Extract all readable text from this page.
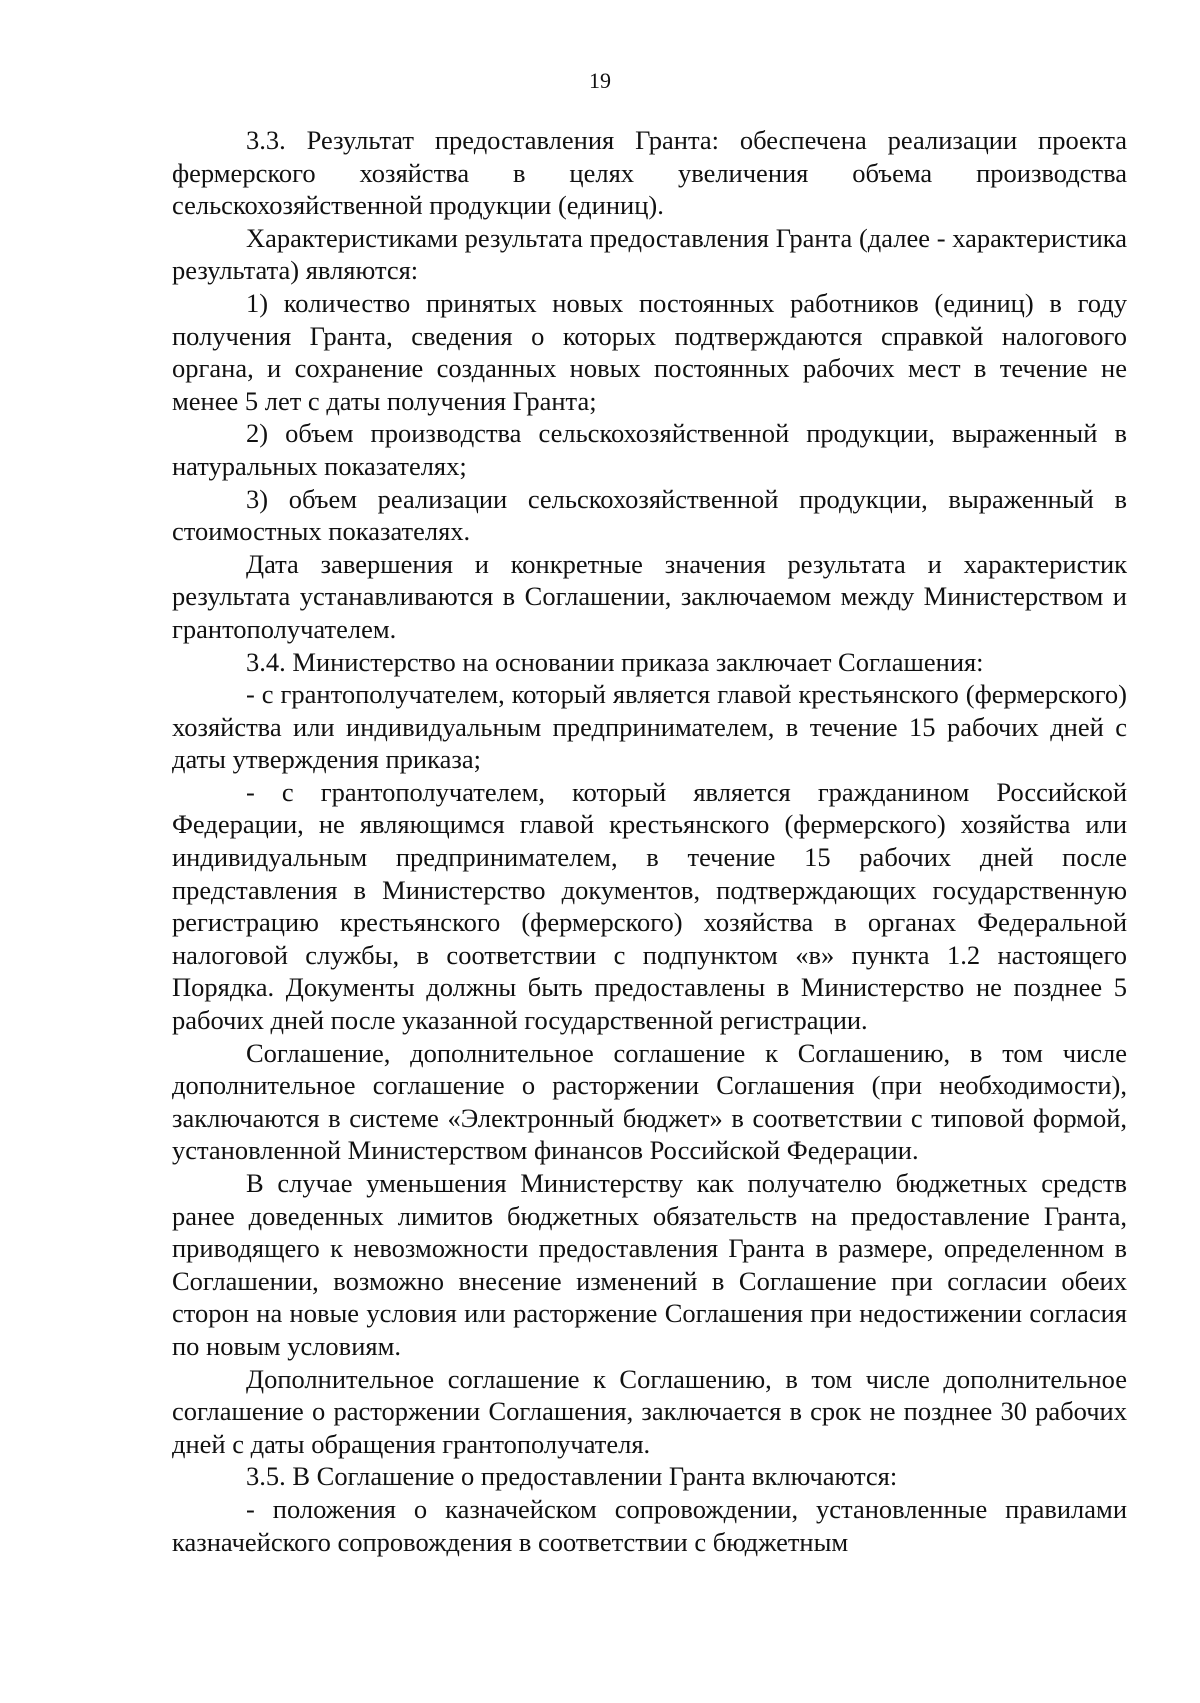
19

3.3. Результат предоставления Гранта: обеспечена реализации проекта фермерского хозяйства в целях увеличения объема производства сельскохозяйственной продукции (единиц).

Характеристиками результата предоставления Гранта (далее - характеристика результата) являются:

1) количество принятых новых постоянных работников (единиц) в году получения Гранта, сведения о которых подтверждаются справкой налогового органа, и сохранение созданных новых постоянных рабочих мест в течение не менее 5 лет с даты получения Гранта;

2) объем производства сельскохозяйственной продукции, выраженный в натуральных показателях;

3) объем реализации сельскохозяйственной продукции, выраженный в стоимостных показателях.

Дата завершения и конкретные значения результата и характеристик результата устанавливаются в Соглашении, заключаемом между Министерством и грантополучателем.

3.4. Министерство на основании приказа заключает Соглашения:

- с грантополучателем, который является главой крестьянского (фермерского) хозяйства или индивидуальным предпринимателем, в течение 15 рабочих дней с даты утверждения приказа;

- с грантополучателем, который является гражданином Российской Федерации, не являющимся главой крестьянского (фермерского) хозяйства или индивидуальным предпринимателем, в течение 15 рабочих дней после представления в Министерство документов, подтверждающих государственную регистрацию крестьянского (фермерского) хозяйства в органах Федеральной налоговой службы, в соответствии с подпунктом «в» пункта 1.2 настоящего Порядка. Документы должны быть предоставлены в Министерство не позднее 5 рабочих дней после указанной государственной регистрации.

Соглашение, дополнительное соглашение к Соглашению, в том числе дополнительное соглашение о расторжении Соглашения (при необходимости), заключаются в системе «Электронный бюджет» в соответствии с типовой формой, установленной Министерством финансов Российской Федерации.

В случае уменьшения Министерству как получателю бюджетных средств ранее доведенных лимитов бюджетных обязательств на предоставление Гранта, приводящего к невозможности предоставления Гранта в размере, определенном в Соглашении, возможно внесение изменений в Соглашение при согласии обеих сторон на новые условия или расторжение Соглашения при недостижении согласия по новым условиям.

Дополнительное соглашение к Соглашению, в том числе дополнительное соглашение о расторжении Соглашения, заключается в срок не позднее 30 рабочих дней с даты обращения грантополучателя.

3.5. В Соглашение о предоставлении Гранта включаются:

- положения о казначейском сопровождении, установленные правилами казначейского сопровождения в соответствии с бюджетным
